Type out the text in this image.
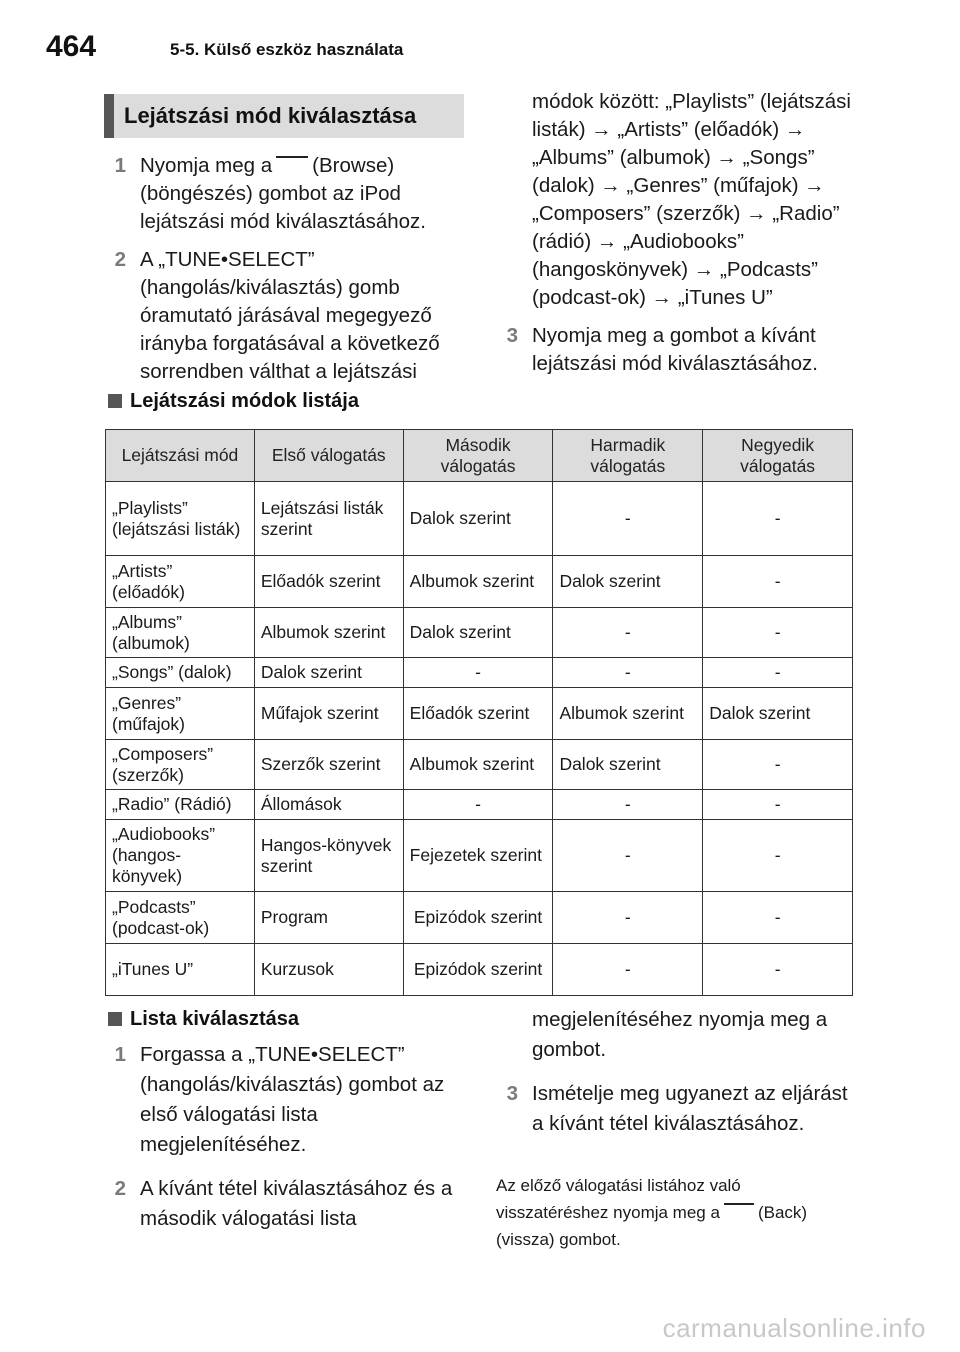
464	5-5. Külső eszköz használata
Lejátszási mód kiválasztása
1 Nyomja meg a (Browse) (böngészés) gombot az iPod lejátszási mód kiválasztásához.
2 A „TUNE•SELECT” (hangolás/kiválasztás) gomb óramutató járásával megegyező irányba forgatásával a következő sorrendben válthat a lejátszási
módok között: „Playlists” (lejátszási listák) → „Artists” (előadók) → „Albums” (albumok) → „Songs” (dalok) → „Genres” (műfajok) → „Composers” (szerzők) → „Radio” (rádió) → „Audiobooks” (hangoskönyvek) → „Podcasts” (podcast-ok) → „iTunes U”
3 Nyomja meg a gombot a kívánt lejátszási mód kiválasztásához.
Lejátszási módok listája
Lejátszási mód	Első válogatás	Második válogatás	Harmadik válogatás	Negyedik válogatás
„Playlists” (lejátszási listák)	Lejátszási listák szerint	Dalok szerint	-	-
„Artists” (előadók)	Előadók szerint	Albumok szerint	Dalok szerint	-
„Albums” (albumok)	Albumok szerint	Dalok szerint	-	-
„Songs” (dalok)	Dalok szerint	-	-	-
„Genres” (műfajok)	Műfajok szerint	Előadók szerint	Albumok szerint	Dalok szerint
„Composers” (szerzők)	Szerzők szerint	Albumok szerint	Dalok szerint	-
„Radio” (Rádió)	Állomások	-	-	-
„Audiobooks” (hangos-könyvek)	Hangos-könyvek szerint	Fejezetek szerint	-	-
„Podcasts” (podcast-ok)	Program	Epizódok szerint	-	-
„iTunes U”	Kurzusok	Epizódok szerint	-	-
Lista kiválasztása
1 Forgassa a „TUNE•SELECT” (hangolás/kiválasztás) gombot az első válogatási lista megjelenítéséhez.
2 A kívánt tétel kiválasztásához és a második válogatási lista
megjelenítéséhez nyomja meg a gombot.
3 Ismételje meg ugyanezt az eljárást a kívánt tétel kiválasztásához.
Az előző válogatási listához való visszatéréshez nyomja meg a (Back) (vissza) gombot.
carmanualsonline.info
